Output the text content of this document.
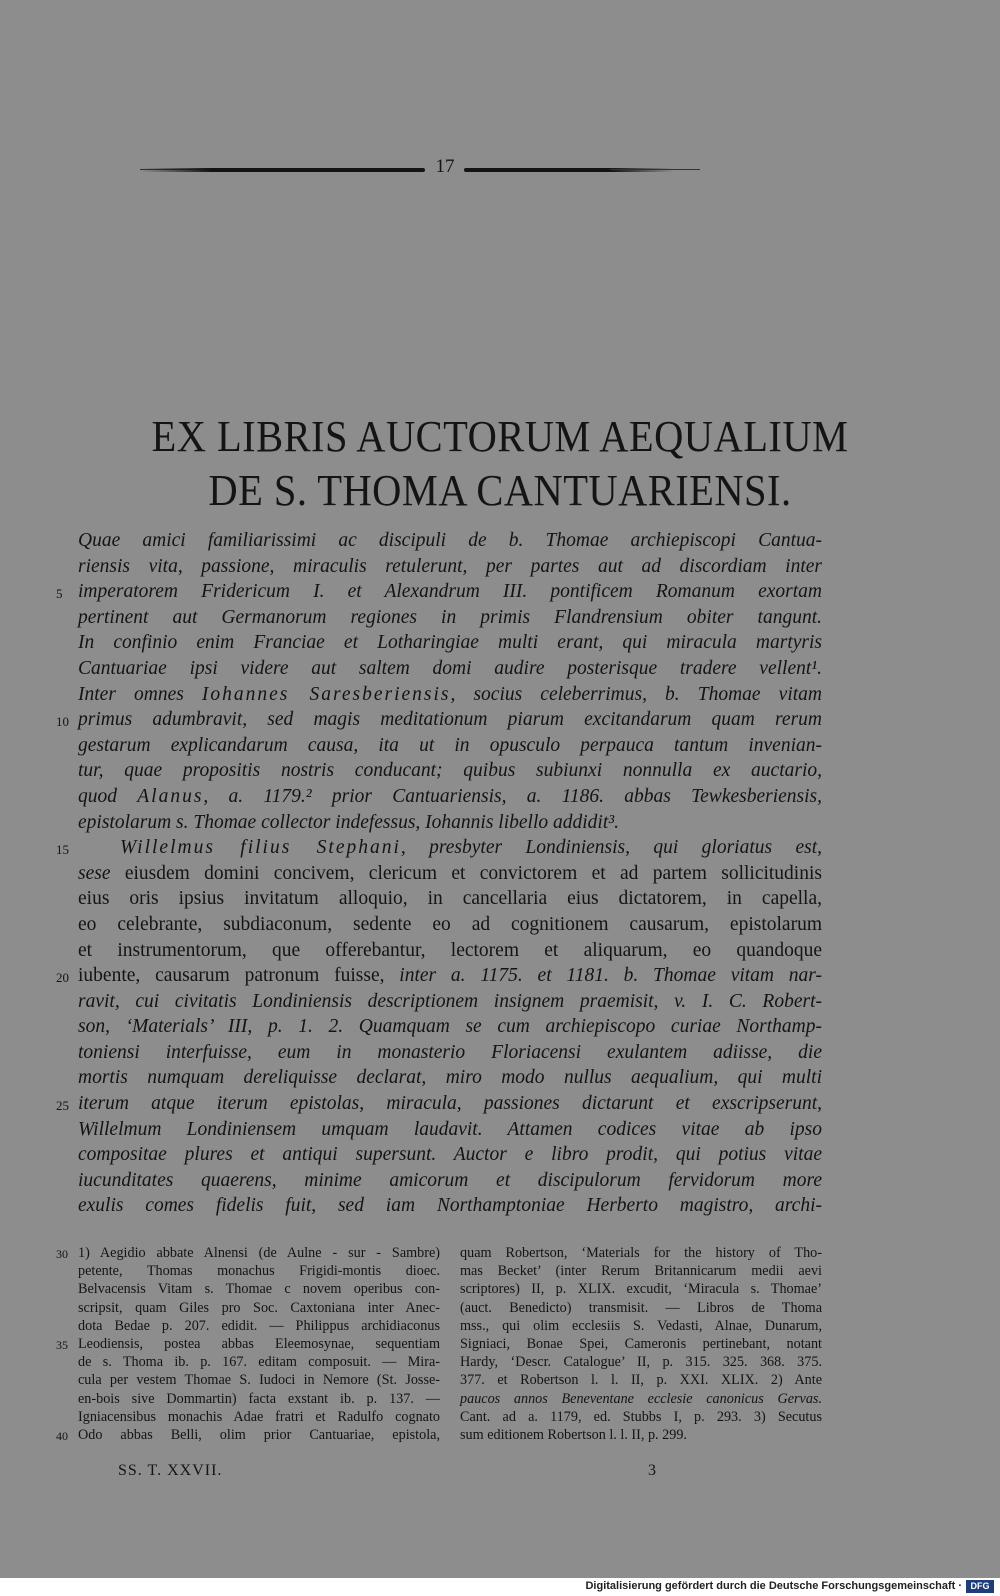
17
EX LIBRIS AUCTORUM AEQUALIUM
DE S. THOMA CANTUARIENSI.
Quae amici familiarissimi ac discipuli de b. Thomae archiepiscopi Cantua-
riensis vita, passione, miraculis retulerunt, per partes aut ad discordiam inter
5 imperatorem Fridericum I. et Alexandrum III. pontificem Romanum exortam
pertinent aut Germanorum regiones in primis Flandrensium obiter tangunt.
In confinio enim Franciae et Lotharingiae multi erant, qui miracula martyris
Cantuariae ipsi videre aut saltem domi audire posterisque tradere vellent¹.
Inter omnes Iohannes Saresberiensis, socius celeberrimus, b. Thomae vitam
10 primus adumbravit, sed magis meditationum piarum excitandarum quam rerum
gestarum explicandarum causa, ita ut in opusculo perpauca tantum invenian-
tur, quae propositis nostris conducant; quibus subiunxi nonnulla ex auctario,
quod Alanus, a. 1179.² prior Cantuariensis, a. 1186. abbas Tewkesberiensis,
epistolarum s. Thomae collector indefessus, Iohannis libello addidit³.
15	Willelmus filius Stephani, presbyter Londiniensis, qui gloriatus est,
sese eiusdem domini concivem, clericum et convictorem et ad partem sollicitudinis
eius oris ipsius invitatum alloquio, in cancellaria eius dictatorem, in capella,
eo celebrante, subdiaconum, sedente eo ad cognitionem causarum, epistolarum
et instrumentorum, que offerebantur, lectorem et aliquarum, eo quandoque
20 iubente, causarum patronum fuisse, inter a. 1175. et 1181. b. Thomae vitam nar-
ravit, cui civitatis Londiniensis descriptionem insignem praemisit, v. I. C. Robert-
son, ‘Materials’ III, p. 1. 2. Quamquam se cum archiepiscopo curiae Northamp-
toniensi interfuisse, eum in monasterio Floriacensi exulantem adiisse, die
mortis numquam dereliquisse declarat, miro modo nullus aequalium, qui multi
25 iterum atque iterum epistolas, miracula, passiones dictarunt et exscripserunt,
Willelmum Londiniensem umquam laudavit. Attamen codices vitae ab ipso
compositae plures et antiqui supersunt. Auctor e libro prodit, qui potius vitae
iucunditates quaerens, minime amicorum et discipulorum fervidorum more
exulis comes fidelis fuit, sed iam Northamptoniae Herberto magistro, archi-
30 1) Aegidio abbate Alnensi (de Aulne - sur - Sambre)
petente, Thomas monachus Frigidi-montis dioec.
Belvacensis Vitam s. Thomae c novem operibus con-
scripsit, quam Giles pro Soc. Caxtoniana inter Anec-
dota Bedae p. 207. edidit. — Philippus archidiaconus
35 Leodiensis, postea abbas Eleemosynae, sequentiam
de s. Thoma ib. p. 167. editam composuit. — Mira-
cula per vestem Thomae S. Iudoci in Nemore (St. Josse-
en-bois sive Dommartin) facta exstant ib. p. 137. —
Igniacensibus monachis Adae fratri et Radulfo cognato
40 Odo abbas Belli, olim prior Cantuariae, epistola,
quam Robertson, ‘Materials for the history of Tho-
mas Becket’ (inter Rerum Britannicarum medii aevi
scriptores) II, p. XLIX. excudit, ‘Miracula s. Thomae’
(auct. Benedicto) transmisit. — Libros de Thoma
mss., qui olim ecclesiis S. Vedasti, Alnae, Dunarum,
Signiaci, Bonae Spei, Cameronis pertinebant, notant
Hardy, ‘Descr. Catalogue’ II, p. 315. 325. 368. 375.
377. et Robertson l. l. II, p. XXI. XLIX. 2) Ante
paucos annos Beneventane ecclesie canonicus Gervas.
Cant. ad a. 1179, ed. Stubbs I, p. 293. 3) Secutus
sum editionem Robertson l. l. II, p. 299.
SS. T. XXVII.	3
Digitalisierung gefördert durch die Deutsche Forschungsgemeinschaft · DFG
